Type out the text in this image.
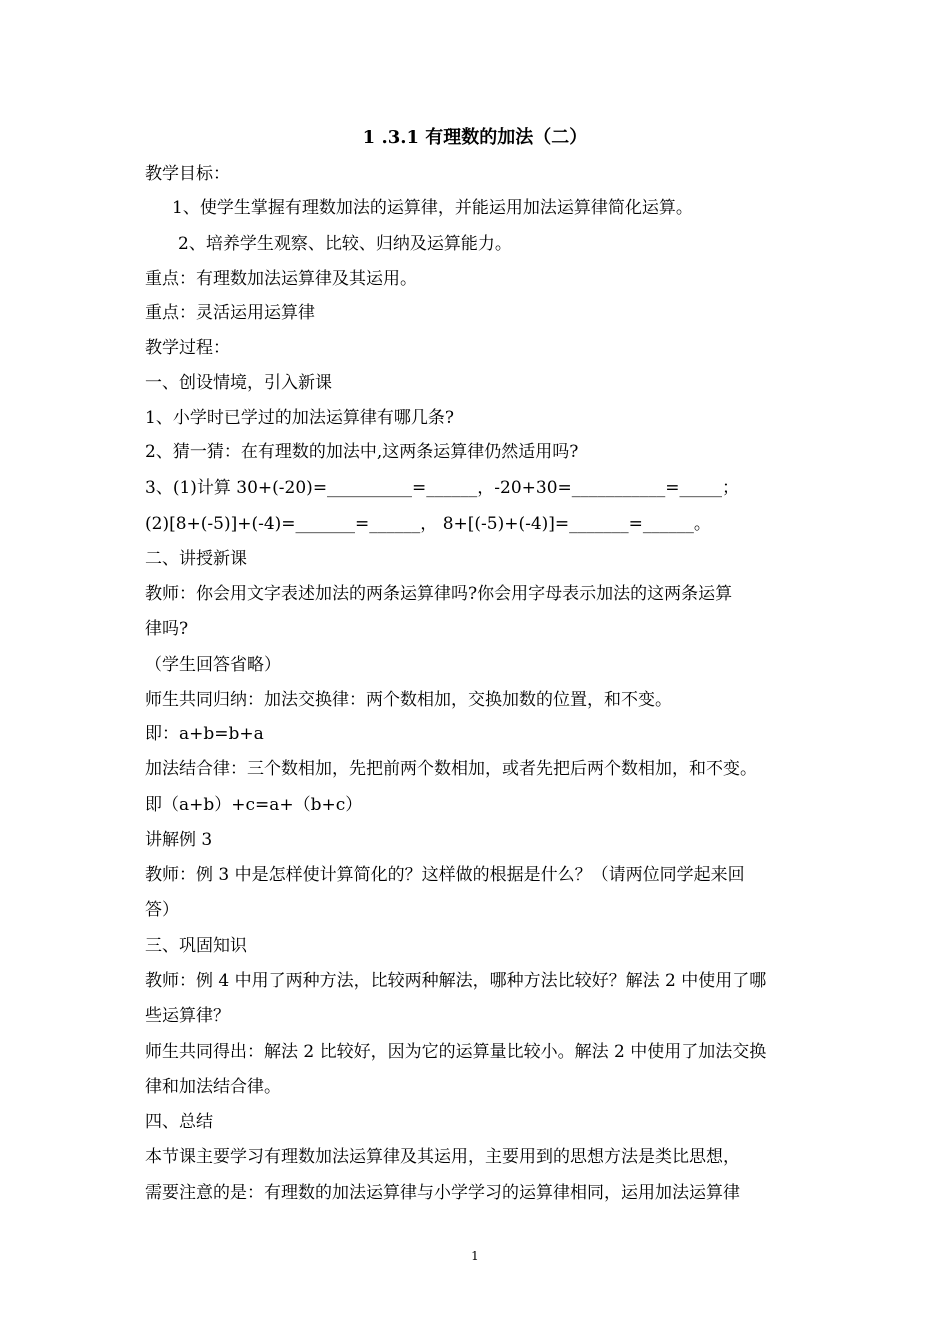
1 .3.1 有理数的加法（二）
教学目标：
1、使学生掌握有理数加法的运算律，并能运用加法运算律简化运算。
2、培养学生观察、比较、归纳及运算能力。
重点：有理数加法运算律及其运用。
重点：灵活运用运算律
教学过程：
一、创设情境，引入新课
1、小学时已学过的加法运算律有哪几条?
2、猜一猜：在有理数的加法中,这两条运算律仍然适用吗?
3、(1)计算 30+(-20)=__________=______，-20+30=___________=_____；
(2)[8+(-5)]+(-4)=_______=______， 8+[(-5)+(-4)]=_______=______。
二、讲授新课
教师：你会用文字表述加法的两条运算律吗?你会用字母表示加法的这两条运算
律吗?
（学生回答省略）
师生共同归纳：加法交换律：两个数相加，交换加数的位置，和不变。
即：a+b=b+a
加法结合律：三个数相加，先把前两个数相加，或者先把后两个数相加，和不变。
即（a+b）+c=a+（b+c）
讲解例 3
教师：例 3 中是怎样使计算简化的？这样做的根据是什么？（请两位同学起来回
答）
三、巩固知识
教师：例 4 中用了两种方法，比较两种解法，哪种方法比较好？解法 2 中使用了哪
些运算律？
师生共同得出：解法 2 比较好，因为它的运算量比较小。解法 2 中使用了加法交换
律和加法结合律。
四、总结
本节课主要学习有理数加法运算律及其运用，主要用到的思想方法是类比思想，
需要注意的是：有理数的加法运算律与小学学习的运算律相同，运用加法运算律
1
